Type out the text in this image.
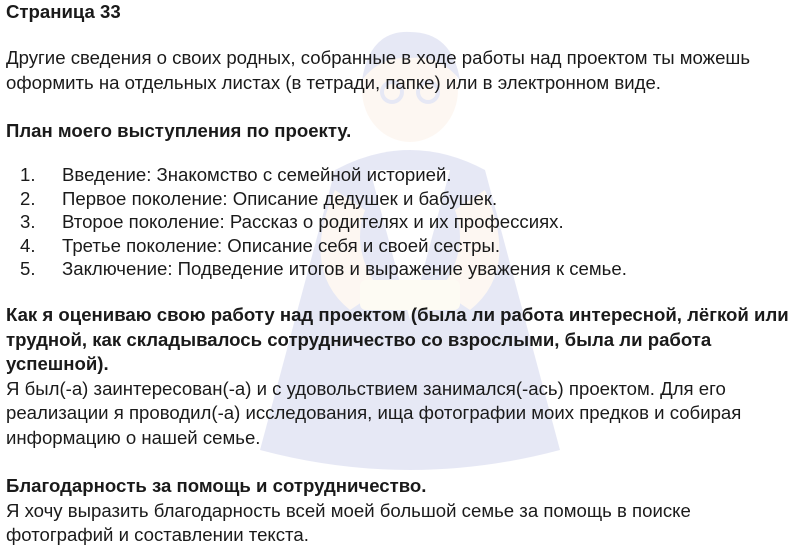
Страница 33

Другие сведения о своих родных, собранные в ходе работы над проектом ты можешь оформить на отдельных листах (в тетради, папке) или в электронном виде.

План моего выступления по проекту.

1. Введение: Знакомство с семейной историей.
2. Первое поколение: Описание дедушек и бабушек.
3. Второе поколение: Рассказ о родителях и их профессиях.
4. Третье поколение: Описание себя и своей сестры.
5. Заключение: Подведение итогов и выражение уважения к семье.

Как я оцениваю свою работу над проектом (была ли работа интересной, лёгкой или трудной, как складывалось сотрудничество со взрослыми, была ли работа успешной).

Я был(-а) заинтересован(-а) и с удовольствием занимался(-ась) проектом. Для его реализации я проводил(-а) исследования, ища фотографии моих предков и собирая информацию о нашей семье.

Благодарность за помощь и сотрудничество.

Я хочу выразить благодарность всей моей большой семье за помощь в поиске фотографий и составлении текста.
